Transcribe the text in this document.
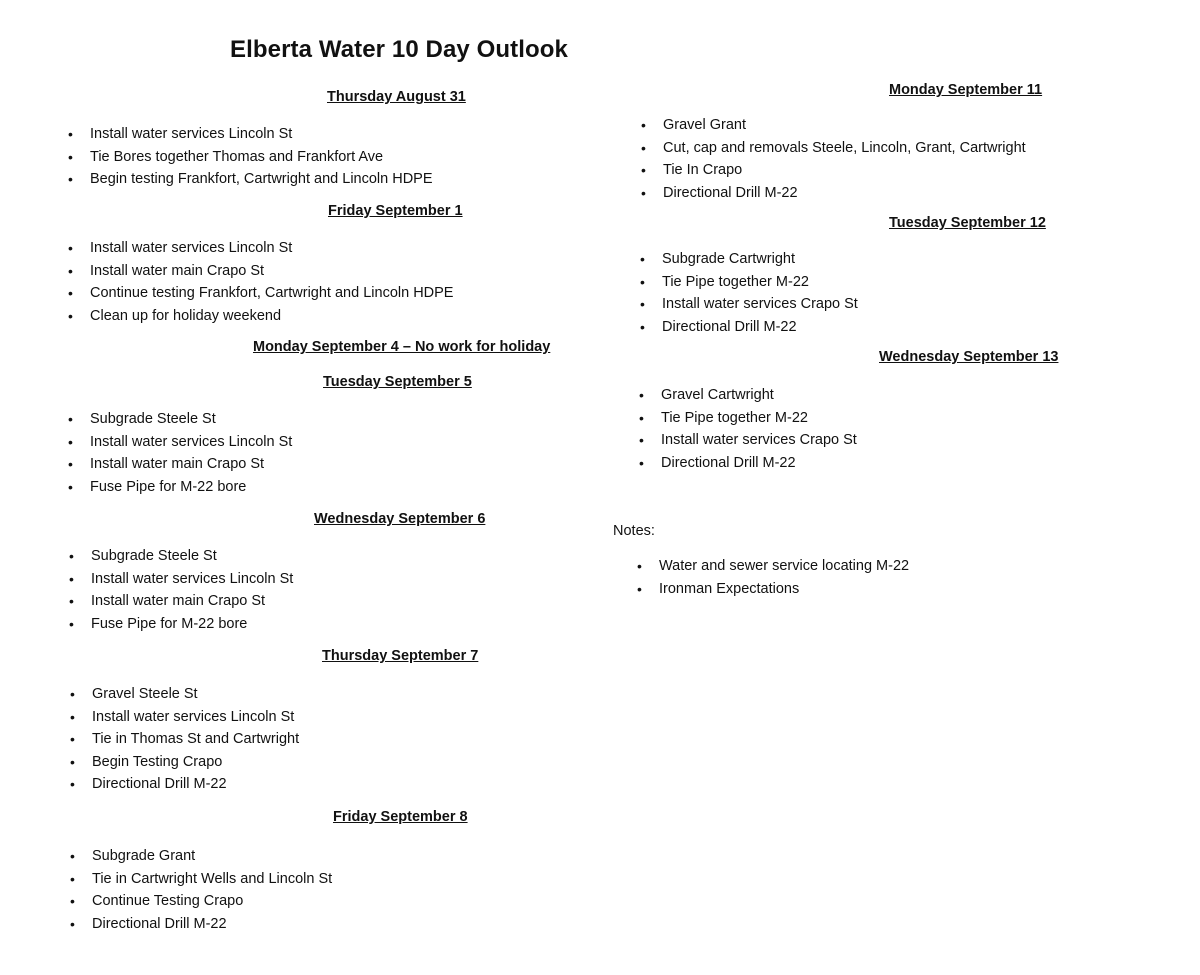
Elberta Water 10 Day Outlook
Thursday August 31
• Install water services Lincoln St
• Tie Bores together Thomas and Frankfort Ave
• Begin testing Frankfort, Cartwright and Lincoln HDPE
Friday September 1
• Install water services Lincoln St
• Install water main Crapo St
• Continue testing Frankfort, Cartwright and Lincoln HDPE
• Clean up for holiday weekend
Monday September 4 – No work for holiday
Tuesday September 5
• Subgrade Steele St
• Install water services Lincoln St
• Install water main Crapo St
• Fuse Pipe for M-22 bore
Wednesday September 6
• Subgrade Steele St
• Install water services Lincoln St
• Install water main Crapo St
• Fuse Pipe for M-22 bore
Thursday September 7
• Gravel Steele St
• Install water services Lincoln St
• Tie in Thomas St and Cartwright
• Begin Testing Crapo
• Directional Drill M-22
Friday September 8
• Subgrade Grant
• Tie in Cartwright Wells and Lincoln St
• Continue Testing Crapo
• Directional Drill M-22
Monday September 11
• Gravel Grant
• Cut, cap and removals Steele, Lincoln, Grant, Cartwright
• Tie In Crapo
• Directional Drill M-22
Tuesday September 12
• Subgrade Cartwright
• Tie Pipe together M-22
• Install water services Crapo St
• Directional Drill M-22
Wednesday September 13
• Gravel Cartwright
• Tie Pipe together M-22
• Install water services Crapo St
• Directional Drill M-22
Notes:
• Water and sewer service locating M-22
• Ironman Expectations
